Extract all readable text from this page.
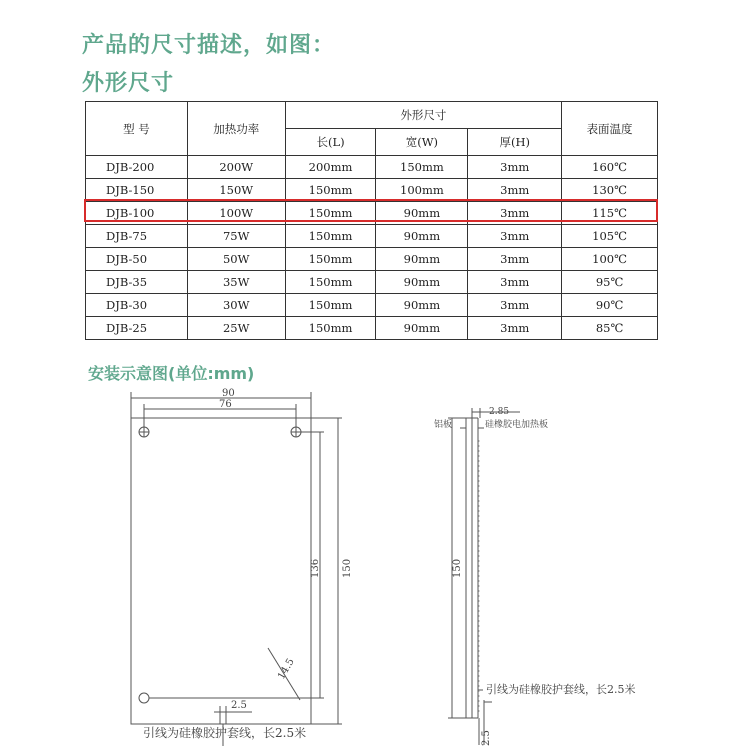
产品的尺寸描述，如图：
外形尺寸
型 号	加热功率	外形尺寸			表面温度
		长(L)	宽(W)	厚(H)	
DJB-200	200W	200mm	150mm	3mm	160℃
DJB-150	150W	150mm	100mm	3mm	130℃
DJB-100	100W	150mm	90mm	3mm	115℃
DJB-75	75W	150mm	90mm	3mm	105℃
DJB-50	50W	150mm	90mm	3mm	100℃
DJB-35	35W	150mm	90mm	3mm	95℃
DJB-30	30W	150mm	90mm	3mm	90℃
DJB-25	25W	150mm	90mm	3mm	85℃
安装示意图(单位:mm)
90
76
136 150
14.5
2.5
引线为硅橡胶护套线，长2.5米
2.85
铝板	硅橡胶电加热板
150
2.5
引线为硅橡胶护套线，长2.5米
